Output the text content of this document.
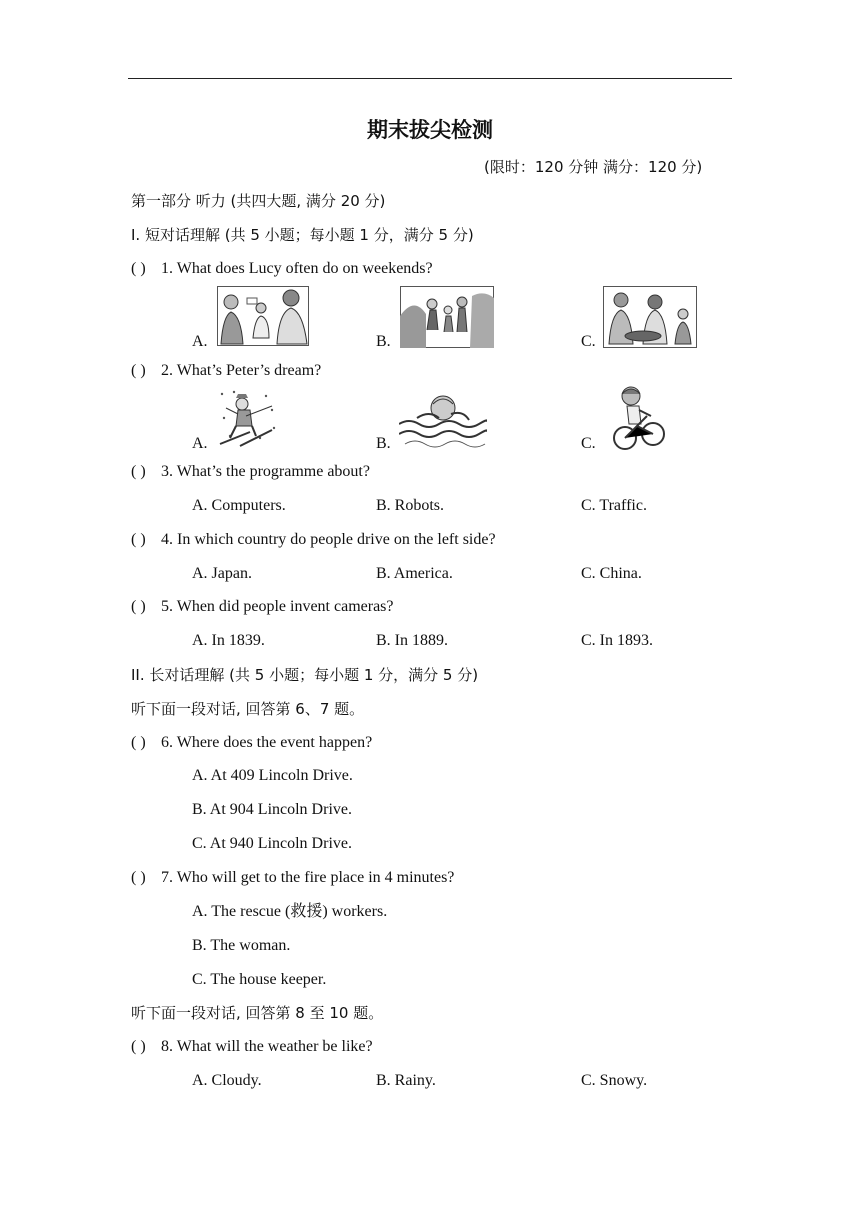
期末拔尖检测
(限时：120 分钟 满分：120 分)
第一部分 听力 (共四大题, 满分 20 分)
I. 短对话理解 (共 5 小题；每小题 1 分，满分 5 分)
( ) 1. What does Lucy often do on weekends?
A.	B.	C.
( ) 2. What’s Peter’s dream?
A.	B.	C.
( ) 3. What’s the programme about?
A. Computers.	B. Robots.	C. Traffic.
( ) 4. In which country do people drive on the left side?
A. Japan.	B. America.	C. China.
( ) 5. When did people invent cameras?
A. In 1839.	B. In 1889.	C. In 1893.
II. 长对话理解 (共 5 小题；每小题 1 分，满分 5 分)
听下面一段对话, 回答第 6、7 题。
( ) 6. Where does the event happen?
A. At 409 Lincoln Drive.
B. At 904 Lincoln Drive.
C. At 940 Lincoln Drive.
( ) 7. Who will get to the fire place in 4 minutes?
A. The rescue (救援) workers.
B. The woman.
C. The house keeper.
听下面一段对话, 回答第 8 至 10 题。
( ) 8. What will the weather be like?
A. Cloudy.	B. Rainy.	C. Snowy.
